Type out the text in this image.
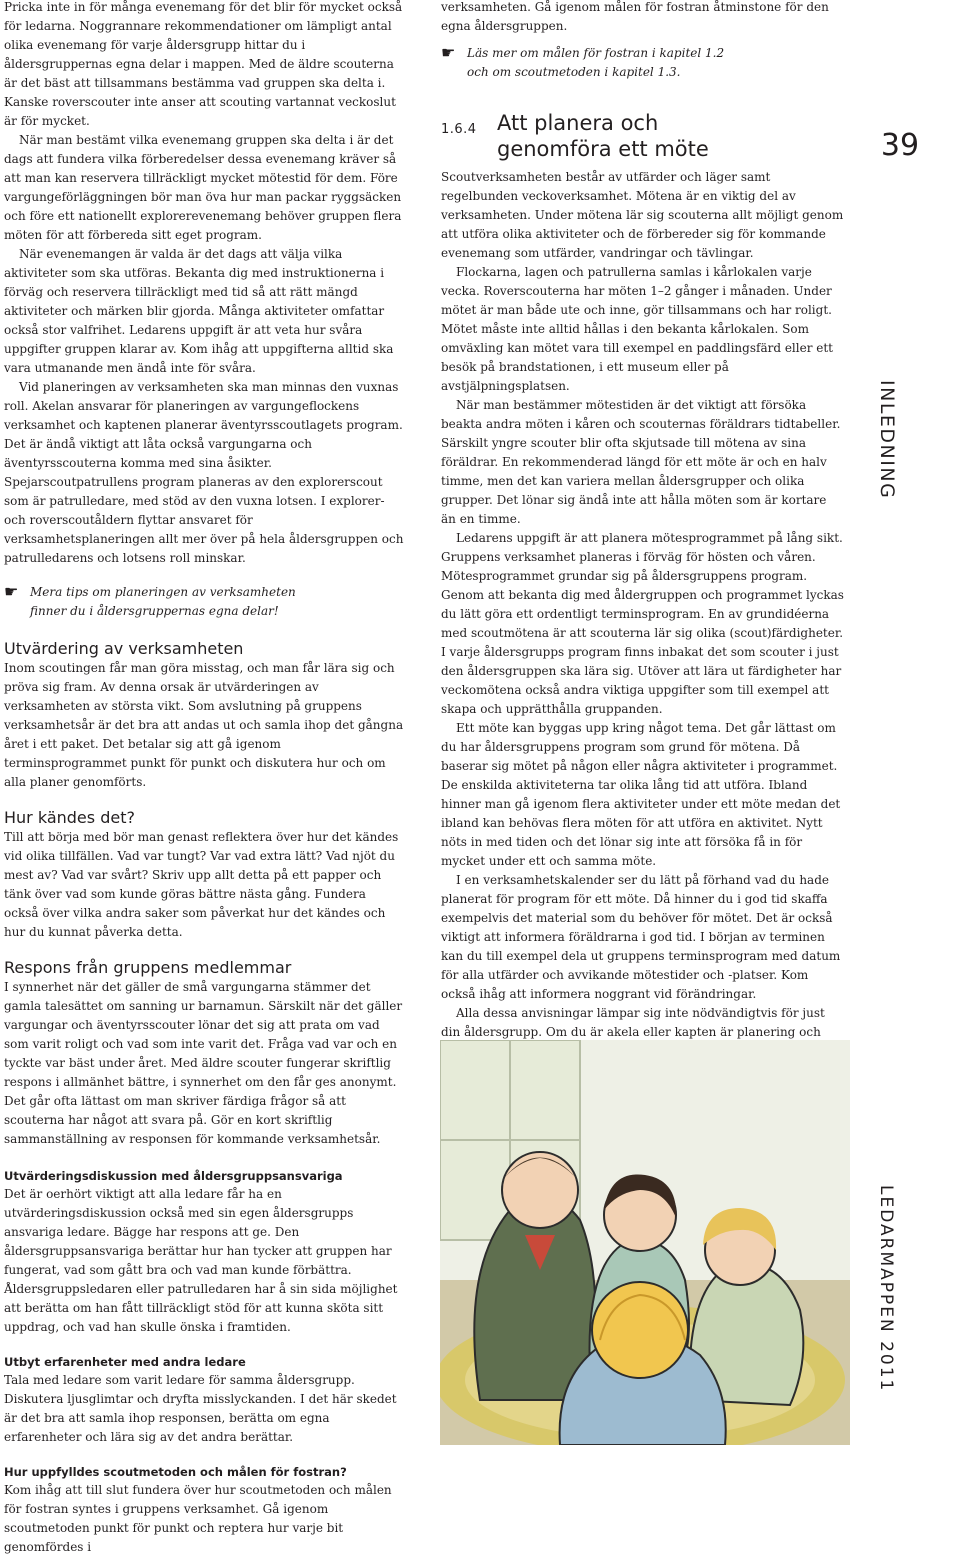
Pricka inte in för många evenemang för det blir för mycket också för ledarna. Noggrannare rekommendationer om lämpligt antal olika evenemang för varje åldersgrupp hittar du i åldersgruppernas egna delar i mappen. Med de äldre scouterna är det bäst att tillsammans bestämma vad gruppen ska delta i. Kanske roverscouter inte anser att scouting vartannat veckoslut är för mycket.

När man bestämt vilka evenemang gruppen ska delta i är det dags att fundera vilka förberedelser dessa evenemang kräver så att man kan reservera tillräckligt mycket mötestid för dem. Före vargungeförläggningen bör man öva hur man packar ryggsäcken och före ett nationellt explorerevenemang behöver gruppen flera möten för att förbereda sitt eget program.

När evenemangen är valda är det dags att välja vilka aktiviteter som ska utföras. Bekanta dig med instruktionerna i förväg och reservera tillräckligt med tid så att rätt mängd aktiviteter och märken blir gjorda. Många aktiviteter omfattar också stor valfrihet. Ledarens uppgift är att veta hur svåra uppgifter gruppen klarar av. Kom ihåg att uppgifterna alltid ska vara utmanande men ändå inte för svåra.

Vid planeringen av verksamheten ska man minnas den vuxnas roll. Akelan ansvarar för planeringen av vargungeflockens verksamhet och kaptenen planerar äventyrsscoutlagets program. Det är ändå viktigt att låta också vargungarna och äventyrsscouterna komma med sina åsikter. Spejarscoutpatrullens program planeras av den explorerscout som är patrulledare, med stöd av den vuxna lotsen. I explorer- och roverscoutåldern flyttar ansvaret för verksamhetsplaneringen allt mer över på hela åldersgruppen och patrulledarens och lotsens roll minskar.

☛ Mera tips om planeringen av verksamheten
finner du i åldersgruppernas egna delar!

Utvärdering av verksamheten

Inom scoutingen får man göra misstag, och man får lära sig och pröva sig fram. Av denna orsak är utvärderingen av verksamheten av största vikt. Som avslutning på gruppens verksamhetsår är det bra att andas ut och samla ihop det gångna året i ett paket. Det betalar sig att gå igenom terminsprogrammet punkt för punkt och diskutera hur och om alla planer genomförts.

Hur kändes det?

Till att börja med bör man genast reflektera över hur det kändes vid olika tillfällen. Vad var tungt? Var vad extra lätt? Vad njöt du mest av? Vad var svårt? Skriv upp allt detta på ett papper och tänk över vad som kunde göras bättre nästa gång. Fundera också över vilka andra saker som påverkat hur det kändes och hur du kunnat påverka detta.

Respons från gruppens medlemmar

I synnerhet när det gäller de små vargungarna stämmer det gamla talesättet om sanning ur barnamun. Särskilt när det gäller vargungar och äventyrsscouter lönar det sig att prata om vad som varit roligt och vad som inte varit det. Fråga vad var och en tyckte var bäst under året. Med äldre scouter fungerar skriftlig respons i allmänhet bättre, i synnerhet om den får ges anonymt. Det går ofta lättast om man skriver färdiga frågor så att scouterna har något att svara på. Gör en kort skriftlig sammanställning av responsen för kommande verksamhetsår.

Utvärderingsdiskussion med åldersgruppsansvariga

Det är oerhört viktigt att alla ledare får ha en utvärderingsdiskussion också med sin egen åldersgrupps ansvariga ledare. Bägge har respons att ge. Den åldersgruppsansvariga berättar hur han tycker att gruppen har fungerat, vad som gått bra och vad man kunde förbättra. Åldersgruppsledaren eller patrulledaren har å sin sida möjlighet att berätta om han fått tillräckligt stöd för att kunna sköta sitt uppdrag, och vad han skulle önska i framtiden.

Utbyt erfarenheter med andra ledare

Tala med ledare som varit ledare för samma åldersgrupp. Diskutera ljusglimtar och dryfta misslyckanden. I det här skedet är det bra att samla ihop responsen, berätta om egna erfarenheter och lära sig av det andra berättar.

Hur uppfylldes scoutmetoden och målen för fostran?

Kom ihåg att till slut fundera över hur scoutmetoden och målen för fostran syntes i gruppens verksamhet. Gå igenom scoutmetoden punkt för punkt och reptera hur varje bit genomfördes i

verksamheten. Gå igenom målen för fostran åtminstone för den egna åldersgruppen.

☛ Läs mer om målen för fostran i kapitel 1.2
och om scoutmetoden i kapitel 1.3.
1.6.4 Att planera och
genomföra ett möte

Scoutverksamheten består av utfärder och läger samt regelbunden veckoverksamhet. Mötena är en viktig del av verksamheten. Under mötena lär sig scouterna allt möjligt genom att utföra olika aktiviteter och de förbereder sig för kommande evenemang som utfärder, vandringar och tävlingar.

Flockarna, lagen och patrullerna samlas i kårlokalen varje vecka. Roverscouterna har möten 1–2 gånger i månaden. Under mötet är man både ute och inne, gör tillsammans och har roligt. Mötet måste inte alltid hållas i den bekanta kårlokalen. Som omväxling kan mötet vara till exempel en paddlingsfärd eller ett besök på brandstationen, i ett museum eller på avstjälpningsplatsen.

När man bestämmer mötestiden är det viktigt att försöka beakta andra möten i kåren och scouternas föräldrars tidtabeller. Särskilt yngre scouter blir ofta skjutsade till mötena av sina föräldrar. En rekommenderad längd för ett möte är och en halv timme, men det kan variera mellan åldersgrupper och olika grupper. Det lönar sig ändå inte att hålla möten som är kortare än en timme.

Ledarens uppgift är att planera mötesprogrammet på lång sikt. Gruppens verksamhet planeras i förväg för hösten och våren. Mötesprogrammet grundar sig på åldersgruppens program. Genom att bekanta dig med åldergruppen och programmet lyckas du lätt göra ett ordentligt terminsprogram. En av grundidéerna med scoutmötena är att scouterna lär sig olika (scout)färdigheter. I varje åldersgrupps program finns inbakat det som scouter i just den åldersgruppen ska lära sig. Utöver att lära ut färdigheter har veckomötena också andra viktiga uppgifter som till exempel att skapa och upprätthålla gruppanden.

Ett möte kan byggas upp kring något tema. Det går lättast om du har åldersgruppens program som grund för mötena. Då baserar sig mötet på någon eller några aktiviteter i programmet. De enskilda aktiviteterna tar olika lång tid att utföra. Ibland hinner man gå igenom flera aktiviteter under ett möte medan det ibland kan behövas flera möten för att utföra en aktivitet. Nytt nöts in med tiden och det lönar sig inte att försöka få in för mycket under ett och samma möte.

I en verksamhetskalender ser du lätt på förhand vad du hade planerat för program för ett möte. Då hinner du i god tid skaffa exempelvis det material som du behöver för mötet. Det är också viktigt att informera föräldrarna i god tid. I början av terminen kan du till exempel dela ut gruppens terminsprogram med datum för alla utfärder och avvikande mötestider och -platser. Kom också ihåg att informera noggrant vid förändringar.

Alla dessa anvisningar lämpar sig inte nödvändigtvis för just din åldersgrupp. Om du är akela eller kapten är planering och

39
INLEDNING
LEDARMAPPEN 2011
